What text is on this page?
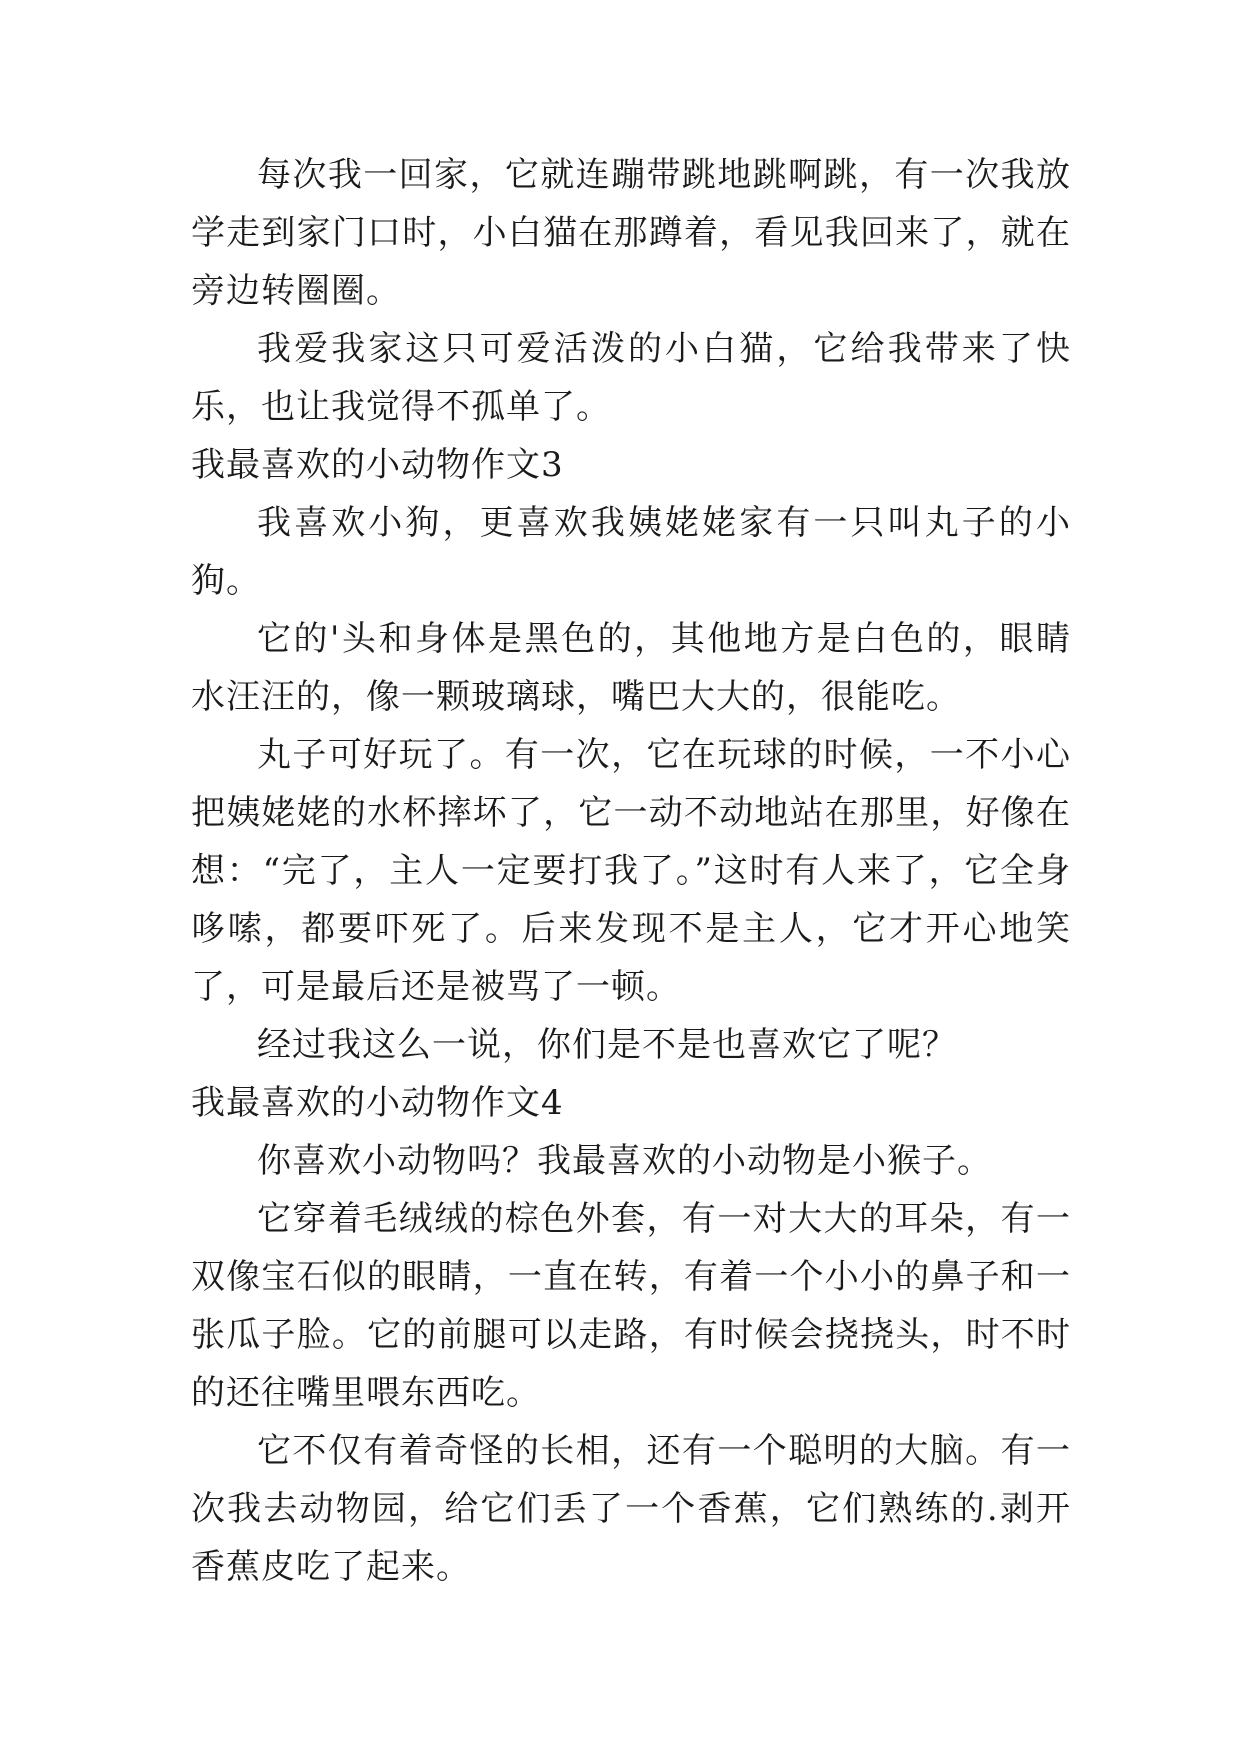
每次我一回家，它就连蹦带跳地跳啊跳，有一次我放学走到家门口时，小白猫在那蹲着，看见我回来了，就在旁边转圈圈。

我爱我家这只可爱活泼的小白猫，它给我带来了快乐，也让我觉得不孤单了。

我最喜欢的小动物作文3

我喜欢小狗，更喜欢我姨姥姥家有一只叫丸子的小狗。

它的'头和身体是黑色的，其他地方是白色的，眼睛水汪汪的，像一颗玻璃球，嘴巴大大的，很能吃。

丸子可好玩了。有一次，它在玩球的时候，一不小心把姨姥姥的水杯摔坏了，它一动不动地站在那里，好像在想：“完了，主人一定要打我了。”这时有人来了，它全身哆嗦，都要吓死了。后来发现不是主人，它才开心地笑了，可是最后还是被骂了一顿。

经过我这么一说，你们是不是也喜欢它了呢？

我最喜欢的小动物作文4

你喜欢小动物吗？我最喜欢的小动物是小猴子。

它穿着毛绒绒的棕色外套，有一对大大的耳朵，有一双像宝石似的眼睛，一直在转，有着一个小小的鼻子和一张瓜子脸。它的前腿可以走路，有时候会挠挠头，时不时的还往嘴里喂东西吃。

它不仅有着奇怪的长相，还有一个聪明的大脑。有一次我去动物园，给它们丢了一个香蕉，它们熟练的.剥开香蕉皮吃了起来。
